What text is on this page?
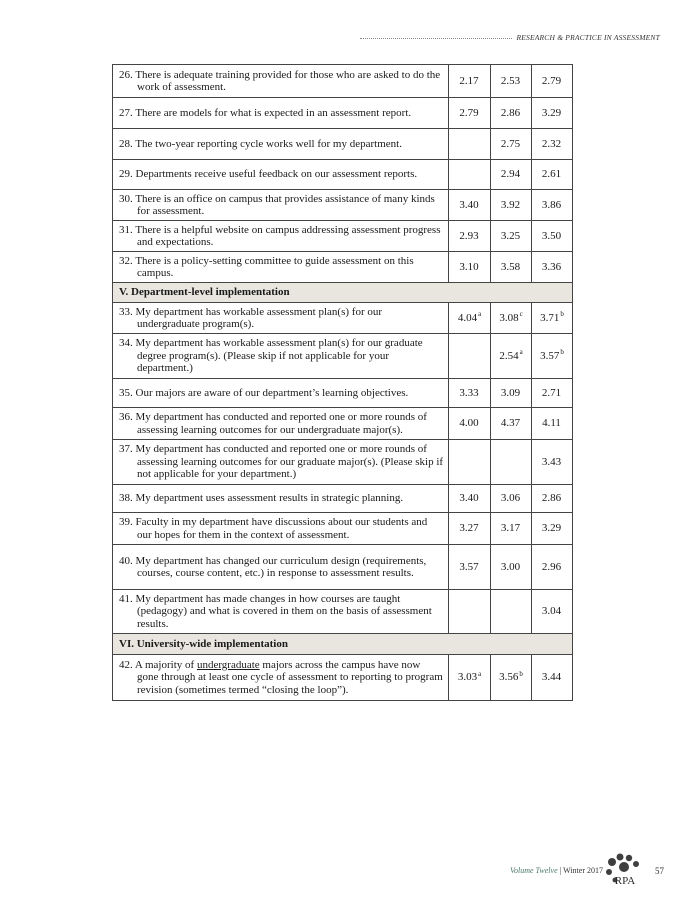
RESEARCH & PRACTICE IN ASSESSMENT
26. There is adequate training provided for those who are asked to do the work of assessment.	2.17	2.53	2.79

27. There are models for what is expected in an assessment report.	2.79	2.86	3.29

28. The two-year reporting cycle works well for my department.		2.75	2.32

29. Departments receive useful feedback on our assessment reports.		2.94	2.61

30. There is an office on campus that provides assistance of many kinds for assessment.	3.40	3.92	3.86

31. There is a helpful website on campus addressing assessment progress and expectations.	2.93	3.25	3.50

32. There is a policy-setting committee to guide assessment on this campus.	3.10	3.58	3.36
V. Department-level implementation			

33. My department has workable assessment plan(s) for our undergraduate program(s).	4.04$^a$	3.08$^c$	3.71$^b$

34. My department has workable assessment plan(s) for our graduate degree program(s). (Please skip if not applicable for your department.)		2.54$^a$	3.57$^b$

35. Our majors are aware of our department’s learning objectives.	3.33	3.09	2.71

36. My department has conducted and reported one or more rounds of assessing learning outcomes for our undergraduate major(s).	4.00	4.37	4.11

37. My department has conducted and reported one or more rounds of assessing learning outcomes for our graduate major(s). (Please skip if not applicable for your department.)			3.43

38. My department uses assessment results in strategic planning.	3.40	3.06	2.86

39. Faculty in my department have discussions about our students and our hopes for them in the context of assessment.	3.27	3.17	3.29

40. My department has changed our curriculum design (requirements, courses, course content, etc.) in response to assessment results.	3.57	3.00	2.96

41. My department has made changes in how courses are taught (pedagogy) and what is covered in them on the basis of assessment results.			3.04
VI. University-wide implementation			

42. A majority of undergraduate majors across the campus have now gone through at least one cycle of assessment to reporting to program revision (sometimes termed “closing the loop”).	3.03$^a$	3.56$^b$	3.44
Volume Twelve | Winter 2017
RPA
57
